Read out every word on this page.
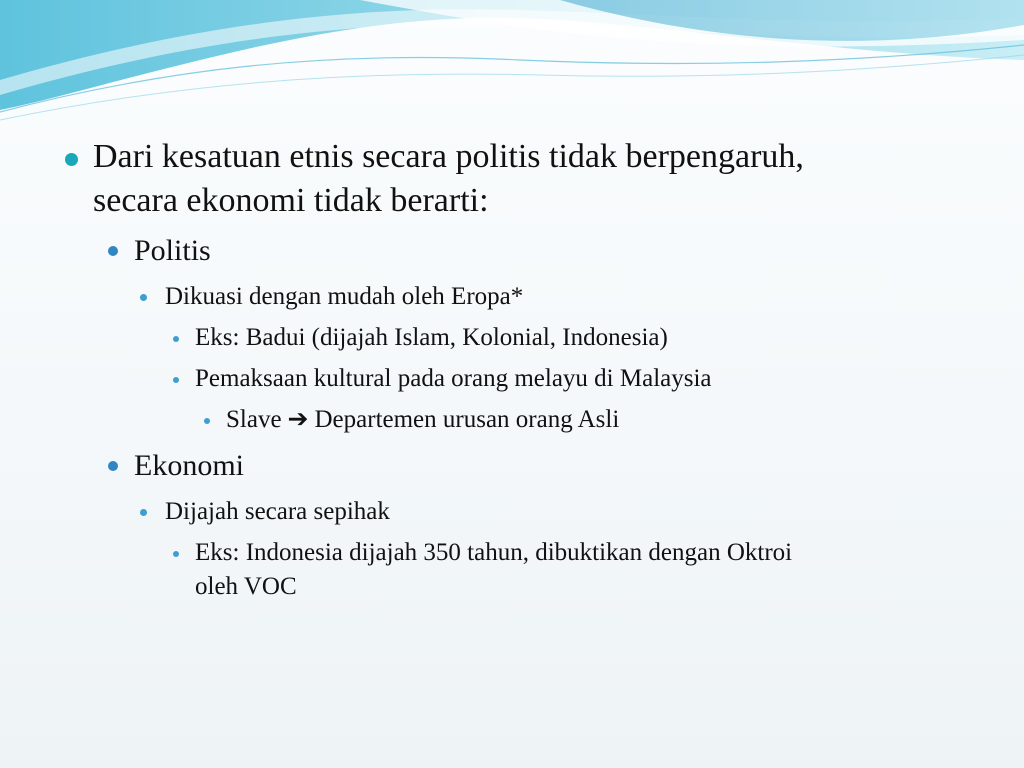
Dari kesatuan etnis secara politis tidak berpengaruh,
secara ekonomi tidak berarti:
Politis
Dikuasi dengan mudah oleh Eropa*
Eks: Badui (dijajah Islam, Kolonial, Indonesia)
Pemaksaan kultural pada orang melayu di Malaysia
Slave ➔ Departemen urusan orang Asli
Ekonomi
Dijajah secara sepihak
Eks: Indonesia dijajah 350 tahun, dibuktikan dengan Oktroi
oleh VOC
